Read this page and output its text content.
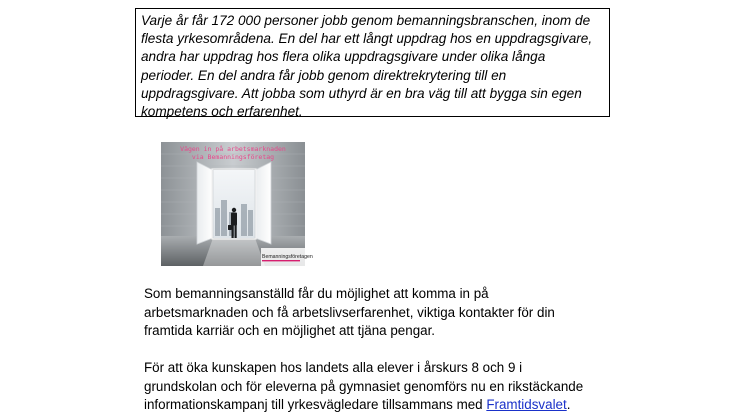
Varje år får 172 000 personer jobb genom bemanningsbranschen, inom de
flesta yrkesområdena. En del har ett långt uppdrag hos en uppdragsgivare,
andra har uppdrag hos flera olika uppdragsgivare under olika långa
perioder. En del andra får jobb genom direktrekrytering till en
uppdragsgivare. Att jobba som uthyrd är en bra väg till att bygga sin egen
kompetens och erfarenhet.

Vägen in på arbetsmarknaden
via Bemanningsföretag
Bemanningsföretagen

Som bemanningsanställd får du möjlighet att komma in på
arbetsmarknaden och få arbetslivserfarenhet, viktiga kontakter för din
framtida karriär och en möjlighet att tjäna pengar.

För att öka kunskapen hos landets alla elever i årskurs 8 och 9 i
grundskolan och för eleverna på gymnasiet genomförs nu en rikstäckande
informationskampanj till yrkesvägledare tillsammans med Framtidsvalet.
